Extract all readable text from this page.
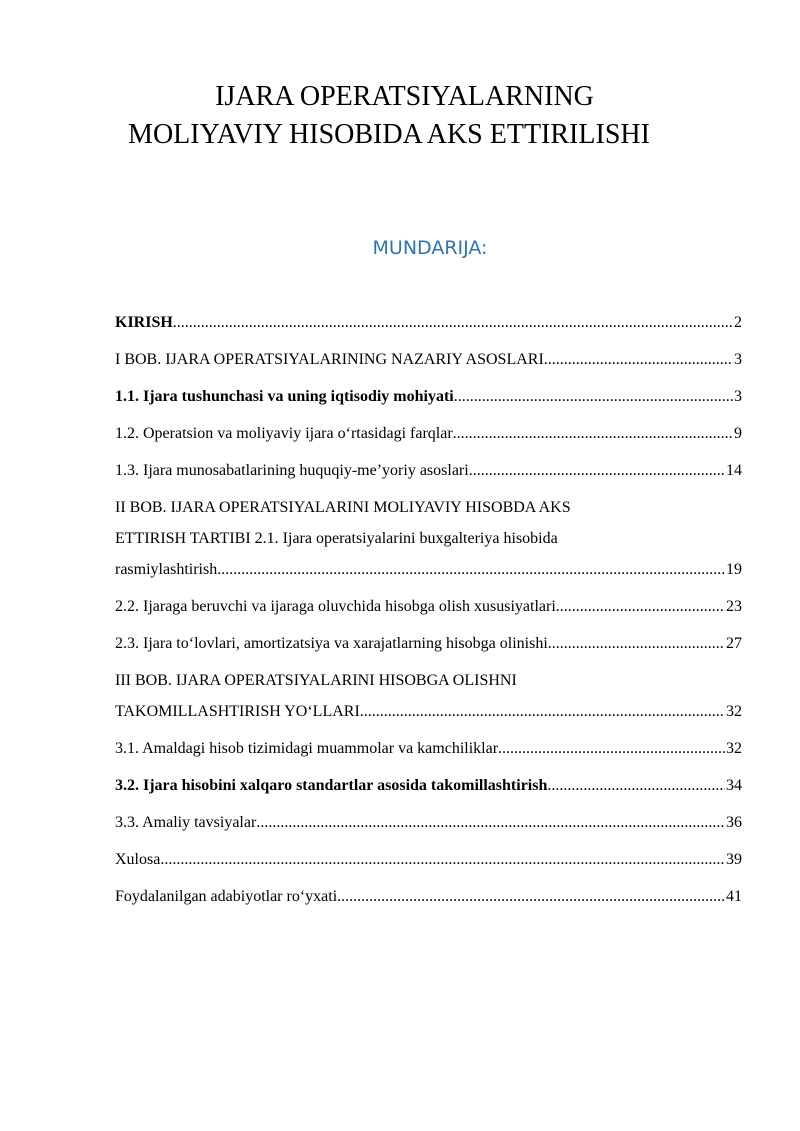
IJARA OPERATSIYALARNING
MOLIYAVIY HISOBIDA AKS ETTIRILISHI
MUNDARIJA:
KIRISH .....	2
I BOB. IJARA OPERATSIYALARINING NAZARIY ASOSLARI .....	3
1.1. Ijara tushunchasi va uning iqtisodiy mohiyati .....	3
1.2. Operatsion va moliyaviy ijara o‘rtasidagi farqlar .....	9
1.3. Ijara munosabatlarining huquqiy-me’yoriy asoslari .....	14
II BOB. IJARA OPERATSIYALARINI MOLIYAVIY HISOBDA AKS
ETTIRISH TARTIBI 2.1. Ijara operatsiyalarini buxgalteriya hisobida
rasmiylashtirish .....	19
2.2. Ijaraga beruvchi va ijaraga oluvchida hisobga olish xususiyatlari .....	23
2.3. Ijara to‘lovlari, amortizatsiya va xarajatlarning hisobga olinishi .....	27
III BOB. IJARA OPERATSIYALARINI HISOBGA OLISHNI
TAKOMILLASHTIRISH YO‘LLARI .....	32
3.1. Amaldagi hisob tizimidagi muammolar va kamchiliklar .....	32
3.2. Ijara hisobini xalqaro standartlar asosida takomillashtirish .....	34
3.3. Amaliy tavsiyalar .....	36
Xulosa .....	39
Foydalanilgan adabiyotlar ro‘yxati .....	41
